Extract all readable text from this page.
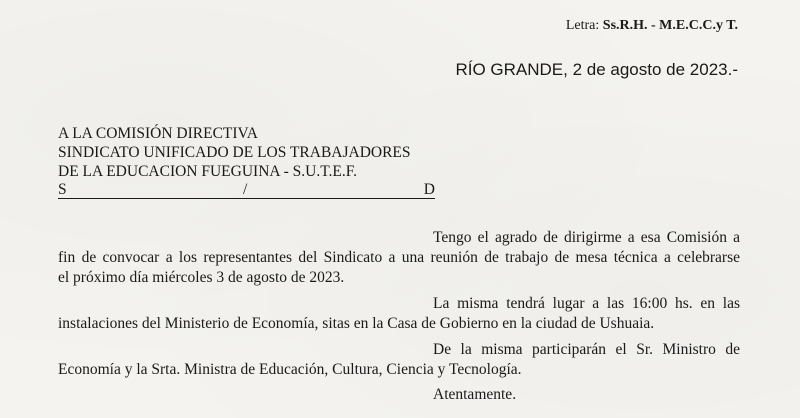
Letra: Ss.R.H. - M.E.C.C.y T.
RÍO GRANDE, 2 de agosto de 2023.-
A LA COMISIÓN DIRECTIVA
SINDICATO UNIFICADO DE LOS TRABAJADORES
DE LA EDUCACION FUEGUINA - S.U.T.E.F.
S	/	D
Tengo el agrado de dirigirme a esa Comisión a
fin de convocar a los representantes del Sindicato a una reunión de trabajo de mesa técnica a celebrarse
el próximo día miércoles 3 de agosto de 2023.
La misma tendrá lugar a las 16:00 hs. en las
instalaciones del Ministerio de Economía, sitas en la Casa de Gobierno en la ciudad de Ushuaia.
De la misma participarán el Sr. Ministro de
Economía y la Srta. Ministra de Educación, Cultura, Ciencia y Tecnología.
Atentamente.
